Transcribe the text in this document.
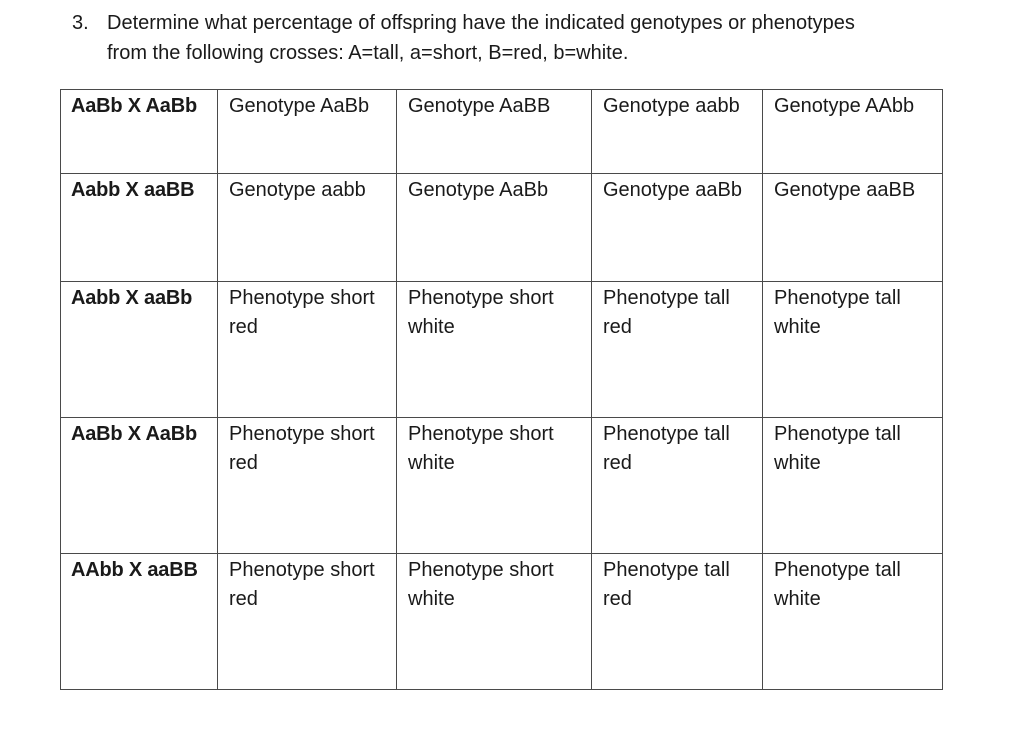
3. Determine what percentage of offspring have the indicated genotypes or phenotypes
from the following crosses: A=tall, a=short, B=red, b=white.
AaBb X AaBb	Genotype AaBb	Genotype AaBB	Genotype aabb	Genotype AAbb
Aabb X aaBB	Genotype aabb	Genotype AaBb	Genotype aaBb	Genotype aaBB
Aabb X aaBb	Phenotype short red	Phenotype short white	Phenotype tall red	Phenotype tall white
AaBb X AaBb	Phenotype short red	Phenotype short white	Phenotype tall red	Phenotype tall white
AAbb X aaBB	Phenotype short red	Phenotype short white	Phenotype tall red	Phenotype tall white
